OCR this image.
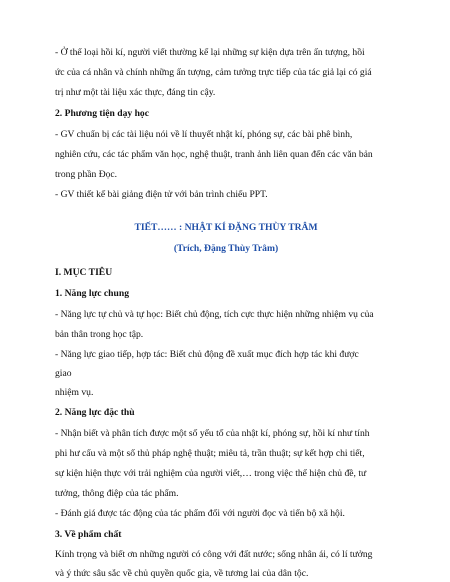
- Ở thể loại hồi kí, người viết thường kể lại những sự kiện dựa trên ấn tượng, hồi
ức của cá nhân và chính những ấn tượng, cảm tưởng trực tiếp của tác giả lại có giá
trị như một tài liệu xác thực, đáng tin cậy.
2. Phương tiện dạy học
- GV chuẩn bị các tài liệu nói về lí thuyết nhật kí, phóng sự, các bài phê bình,
nghiên cứu, các tác phẩm văn học, nghệ thuật, tranh ảnh liên quan đến các văn bản
trong phần Đọc.
- GV thiết kế bài giảng điện tử với bản trình chiếu PPT.
TIẾT…… : NHẬT KÍ ĐẶNG THÙY TRÂM
(Trích, Đặng Thùy Trâm)
I. MỤC TIÊU
1. Năng lực chung
- Năng lực tự chủ và tự học: Biết chủ động, tích cực thực hiện những nhiệm vụ của
bản thân trong học tập.
- Năng lực giao tiếp, hợp tác: Biết chủ động đề xuất mục đích hợp tác khi được
giao
nhiệm vụ.
2. Năng lực đặc thù
- Nhận biết và phân tích được một số yếu tố của nhật kí, phóng sự, hồi kí như tính
phi hư cấu và một số thủ pháp nghệ thuật; miêu tả, trần thuật; sự kết hợp chi tiết,
sự kiện hiện thực với trải nghiệm của người viết,… trong việc thể hiện chủ đề, tư
tưởng, thông điệp của tác phẩm.
- Đánh giá được tác động của tác phẩm đối với người đọc và tiến bộ xã hội.
3. Về phẩm chất
Kính trọng và biết ơn những người có công với đất nước; sống nhân ái, có lí tưởng
và ý thức sâu sắc về chủ quyền quốc gia, về tương lai của dân tộc.
